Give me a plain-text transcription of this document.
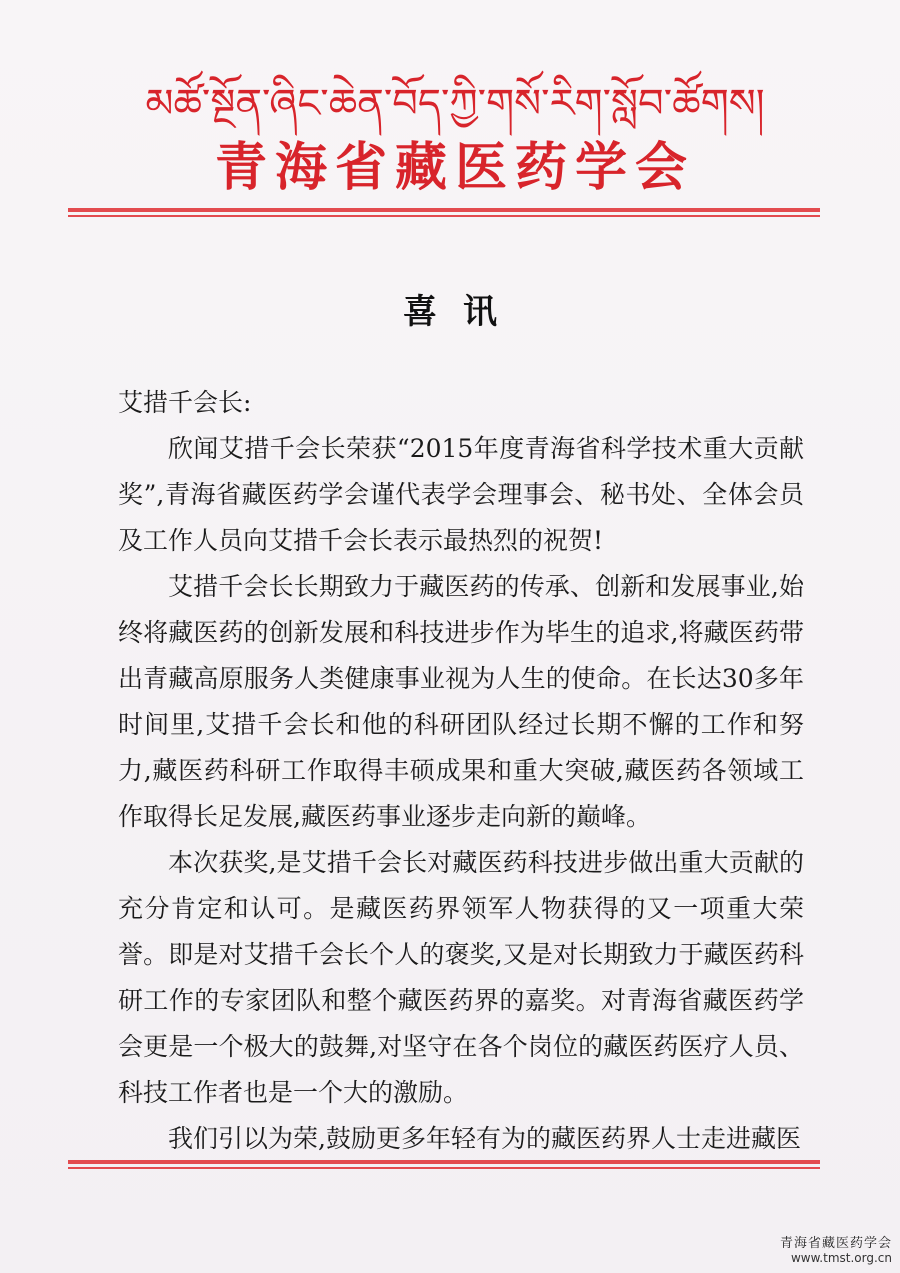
མཚོ་སྔོན་ཞིང་ཆེན་བོད་ཀྱི་གསོ་རིག་སློབ་ཚོགས།
青海省藏医药学会
喜讯

艾措千会长:

欣闻艾措千会长荣获“2015年度青海省科学技术重大贡献奖”,青海省藏医药学会谨代表学会理事会、秘书处、全体会员及工作人员向艾措千会长表示最热烈的祝贺!

艾措千会长长期致力于藏医药的传承、创新和发展事业,始终将藏医药的创新发展和科技进步作为毕生的追求,将藏医药带出青藏高原服务人类健康事业视为人生的使命。在长达30多年时间里,艾措千会长和他的科研团队经过长期不懈的工作和努力,藏医药科研工作取得丰硕成果和重大突破,藏医药各领域工作取得长足发展,藏医药事业逐步走向新的巅峰。

本次获奖,是艾措千会长对藏医药科技进步做出重大贡献的充分肯定和认可。是藏医药界领军人物获得的又一项重大荣誉。即是对艾措千会长个人的褒奖,又是对长期致力于藏医药科研工作的专家团队和整个藏医药界的嘉奖。对青海省藏医药学会更是一个极大的鼓舞,对坚守在各个岗位的藏医药医疗人员、科技工作者也是一个大的激励。

我们引以为荣,鼓励更多年轻有为的藏医药界人士走进藏医

青海省藏医药学会
www.tmst.org.cn
